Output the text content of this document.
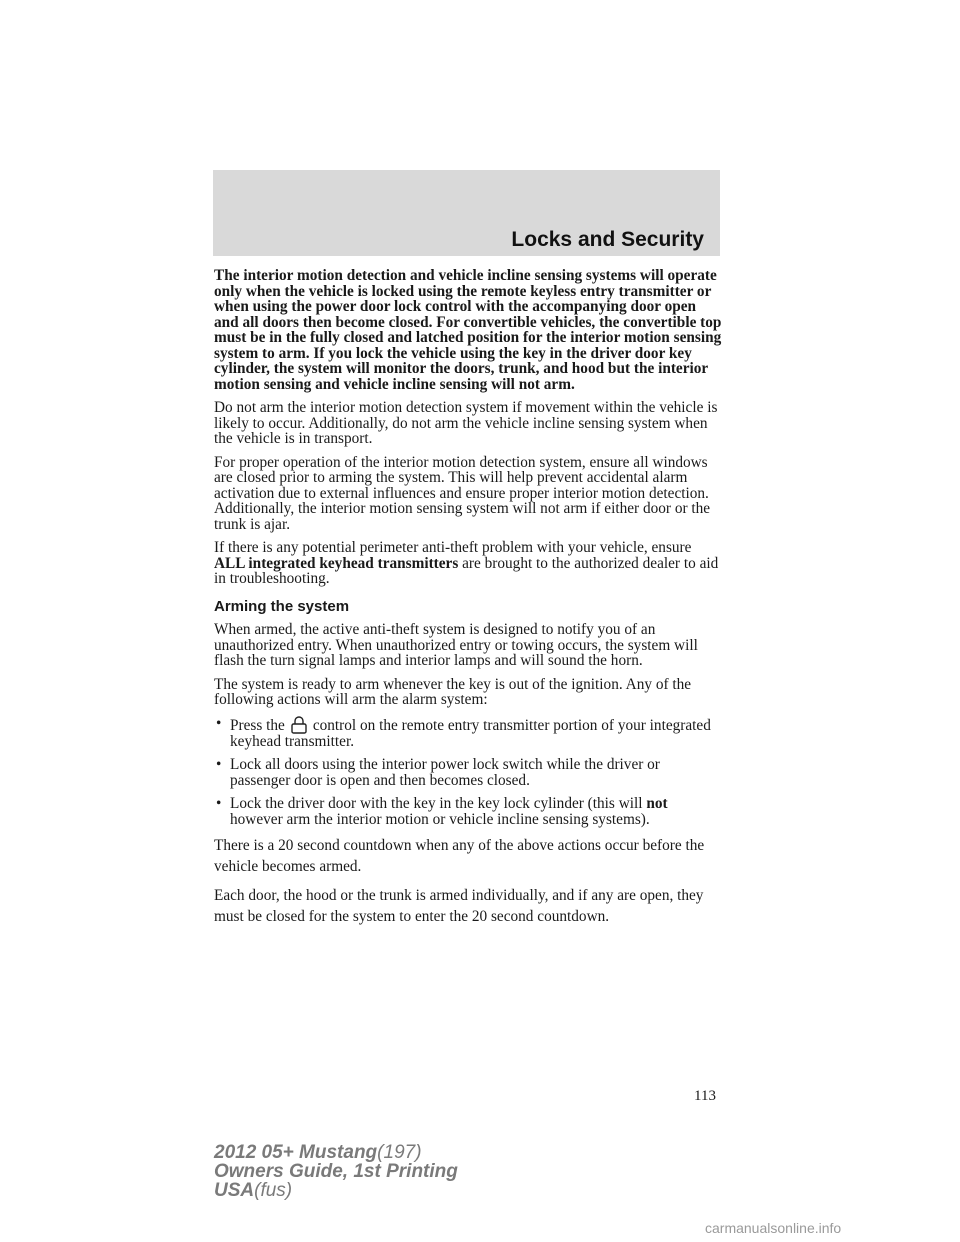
Locks and Security

The interior motion detection and vehicle incline sensing systems will operate only when the vehicle is locked using the remote keyless entry transmitter or when using the power door lock control with the accompanying door open and all doors then become closed. For convertible vehicles, the convertible top must be in the fully closed and latched position for the interior motion sensing system to arm. If you lock the vehicle using the key in the driver door key cylinder, the system will monitor the doors, trunk, and hood but the interior motion sensing and vehicle incline sensing will not arm.

Do not arm the interior motion detection system if movement within the vehicle is likely to occur. Additionally, do not arm the vehicle incline sensing system when the vehicle is in transport.

For proper operation of the interior motion detection system, ensure all windows are closed prior to arming the system. This will help prevent accidental alarm activation due to external influences and ensure proper interior motion detection. Additionally, the interior motion sensing system will not arm if either door or the trunk is ajar.

If there is any potential perimeter anti-theft problem with your vehicle, ensure ALL integrated keyhead transmitters are brought to the authorized dealer to aid in troubleshooting.

Arming the system

When armed, the active anti-theft system is designed to notify you of an unauthorized entry. When unauthorized entry or towing occurs, the system will flash the turn signal lamps and interior lamps and will sound the horn.

The system is ready to arm whenever the key is out of the ignition. Any of the following actions will arm the alarm system:

• Press the control on the remote entry transmitter portion of your integrated keyhead transmitter.
• Lock all doors using the interior power lock switch while the driver or passenger door is open and then becomes closed.
• Lock the driver door with the key in the key lock cylinder (this will not however arm the interior motion or vehicle incline sensing systems).

There is a 20 second countdown when any of the above actions occur before the vehicle becomes armed.

Each door, the hood or the trunk is armed individually, and if any are open, they must be closed for the system to enter the 20 second countdown.

113
2012 05+ Mustang(197)
Owners Guide, 1st Printing
USA(fus)
carmanualsonline.info
